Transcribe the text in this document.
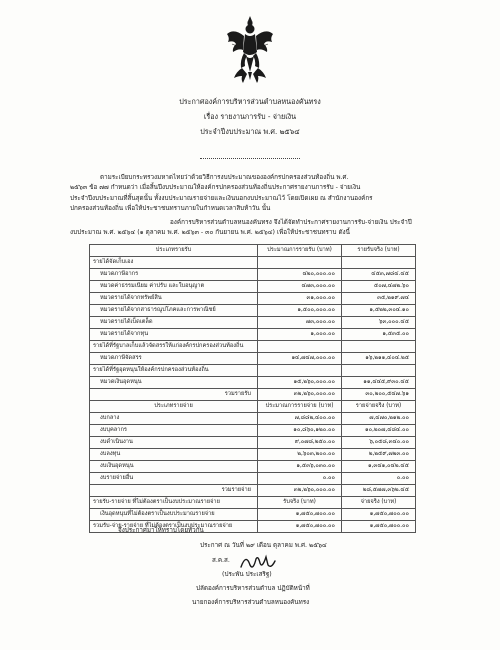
ประกาศองค์การบริหารส่วนตำบลหนองคันทรง
เรื่อง รายงานการรับ - จ่ายเงิน
ประจำปีงบประมาณ พ.ศ. ๒๕๖๔
ตามระเบียบกระทรวงมหาดไทยว่าด้วยวิธีการงบประมาณขององค์กรปกครองส่วนท้องถิ่น พ.ศ.
๒๕๖๓ ข้อ ๗๗ กำหนดว่า เมื่อสิ้นปีงบประมาณให้องค์กรปกครองส่วนท้องถิ่นประกาศรายงานการรับ - จ่ายเงิน
ประจำปีงบประมาณที่สิ้นสุดนั้น ทั้งงบประมาณรายจ่ายและเงินนอกงบประมาณไว้ โดยเปิดเผย ณ สำนักงานองค์กร
ปกครองส่วนท้องถิ่น เพื่อให้ประชาชนทราบภายในกำหนดเวลาสิบห้าวัน นั้น
องค์การบริหารส่วนตำบลหนองคันทรง จึงได้จัดทำประกาศรายงานการรับ-จ่ายเงิน ประจำปี
งบประมาณ พ.ศ. ๒๕๖๔ (๑ ตุลาคม พ.ศ. ๒๕๖๓ - ๓๐ กันยายน พ.ศ. ๒๕๖๔) เพื่อให้ประชาชนทราบ ดังนี้
ประเภทรายรับ	ประมาณการรายรับ (บาท)	รายรับจริง (บาท)
รายได้จัดเก็บเอง		
หมวดภาษีอากร	๔๒๐,๐๐๐.๐๐	๔๕๓,๗๘๔.๔๕
หมวดค่าธรรมเนียม ค่าปรับ และใบอนุญาต	๔๗๓,๐๐๐.๐๐	๕๐๗,๔๗๒.๖๐
หมวดรายได้จากทรัพย์สิน	๓๑,๐๐๐.๐๐	๓๕,๒๑๙.๗๔
หมวดรายได้จากสาธารณูปโภคและการพาณิชย์	๑,๕๐๐,๐๐๐.๐๐	๑,๕๒๒,๓๐๔.๑๐
หมวดรายได้เบ็ดเตล็ด	๗๓,๐๐๐.๐๐	๖๓,๐๐๐.๔๕
หมวดรายได้จากทุน	๑,๐๐๐.๐๐	๑,๕๓๕.๐๐
รายได้ที่รัฐบาลเก็บแล้วจัดสรรให้แก่องค์กรปกครองส่วนท้องถิ่น		
หมวดภาษีจัดสรร	๑๔,๗๔๗,๐๐๐.๐๐	๑๖,๒๑๑,๔๐๔.๒๕
รายได้ที่รัฐอุดหนุนให้องค์กรปกครองส่วนท้องถิ่น		
หมวดเงินอุดหนุน	๑๕,๒๖๐,๐๐๐.๐๐	๑๑,๔๔๕,๙๓๐.๔๕
รวมรายรับ	๓๒,๒๖๐,๐๐๐.๐๐	๓๐,๒๐๐,๕๔๗.๖๑
ประเภทรายจ่าย	ประมาณการรายจ่าย (บาท)	รายจ่ายจริง (บาท)
งบกลาง	๗,๘๘๒,๔๐๐.๐๐	๗,๔๗๐,๒๑๒.๐๐
งบบุคลากร	๑๐,๘๖๐,๑๒๐.๐๐	๑๐,๒๐๗,๔๘๔.๐๐
งบดำเนินงาน	๙,๐๗๘,๒๕๐.๐๐	๖,๐๕๘,๓๔๐.๐๐
งบลงทุน	๒,๖๐๓,๒๐๐.๐๐	๒,๒๕๙,๗๒๓.๐๐
งบเงินอุดหนุน	๑,๕๓๖,๐๓๐.๐๐	๑,๓๔๑,๐๔๒.๔๕
งบรายจ่ายอื่น	๐.๐๐	๐.๐๐
รวมรายจ่าย	๓๒,๒๖๐,๐๐๐.๐๐	๒๘,๕๗๗,๓๖๒.๔๕
รายรับ-รายจ่าย ที่ไม่ต้องตราเป็นงบประมาณรายจ่าย	รับจริง (บาท)	จ่ายจริง (บาท)
เงินอุดหนุนที่ไม่ต้องตราเป็นงบประมาณรายจ่าย	๑,๗๕๐,๗๐๐.๐๐	๑,๗๕๐,๗๐๐.๐๐
รวมรับ-จ่าย-รายจ่าย ที่ไม่ต้องตราเป็นงบประมาณรายจ่าย	๑,๗๕๐,๗๐๐.๐๐	๑,๗๕๐,๗๐๐.๐๐
จึงประกาศมาให้ทราบโดยทั่วกัน
ประกาศ ณ วันที่ ๒๙ เดือน ตุลาคม พ.ศ. ๒๕๖๔
ส.ค.ส.
(ประพัน ประเสริฐ)
ปลัดองค์การบริหารส่วนตำบล ปฏิบัติหน้าที่
นายกองค์การบริหารส่วนตำบลหนองคันทรง
